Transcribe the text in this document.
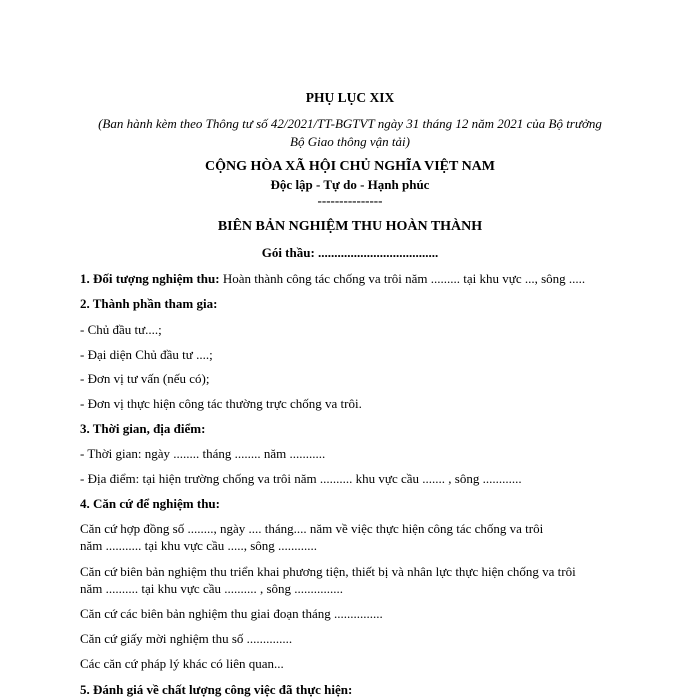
PHỤ LỤC XIX
(Ban hành kèm theo Thông tư số 42/2021/TT-BGTVT ngày 31 tháng 12 năm 2021 của Bộ trưởng
Bộ Giao thông vận tải)
CỘNG HÒA XÃ HỘI CHỦ NGHĨA VIỆT NAM
Độc lập - Tự do - Hạnh phúc
---------------
BIÊN BẢN NGHIỆM THU HOÀN THÀNH
Gói thầu: .....................................
1. Đối tượng nghiệm thu: Hoàn thành công tác chống va trôi năm ......... tại khu vực ..., sông .....
2. Thành phần tham gia:
- Chủ đầu tư....;
- Đại diện Chủ đầu tư ....;
- Đơn vị tư vấn (nếu có);
- Đơn vị thực hiện công tác thường trực chống va trôi.
3. Thời gian, địa điểm:
- Thời gian: ngày ........ tháng ........ năm ...........
- Địa điểm: tại hiện trường chống va trôi năm .......... khu vực cầu ....... , sông ............
4. Căn cứ để nghiệm thu:
Căn cứ hợp đồng số ........, ngày .... tháng.... năm về việc thực hiện công tác chống va trôi
năm ........... tại khu vực cầu ....., sông ............
Căn cứ biên bản nghiệm thu triển khai phương tiện, thiết bị và nhân lực thực hiện chống va trôi
năm .......... tại khu vực cầu .......... , sông ...............
Căn cứ các biên bản nghiệm thu giai đoạn tháng ...............
Căn cứ giấy mời nghiệm thu số ..............
Các căn cứ pháp lý khác có liên quan...
5. Đánh giá về chất lượng công việc đã thực hiện:
